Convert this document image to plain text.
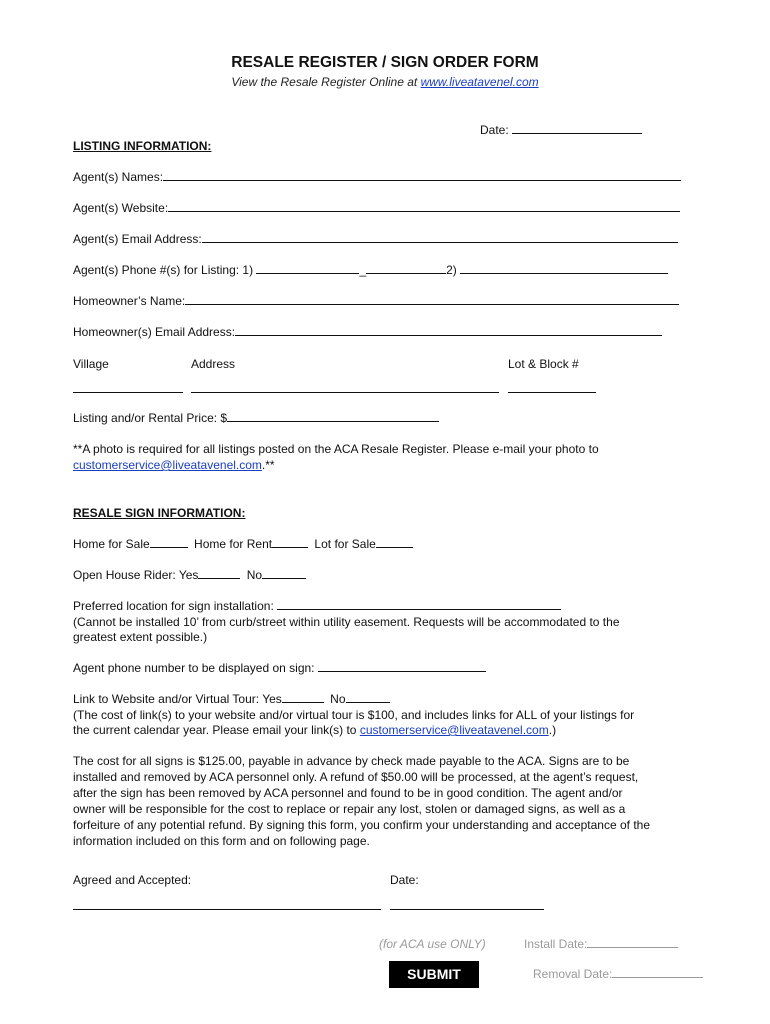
RESALE REGISTER / SIGN ORDER FORM
View the Resale Register Online at www.liveatavenel.com
Date:
LISTING INFORMATION:
Agent(s) Names:
Agent(s) Website:
Agent(s) Email Address:
Agent(s) Phone #(s) for Listing: 1)	_	2)
Homeowner’s Name:
Homeowner(s) Email Address:
Village	Address	Lot & Block #
Listing and/or Rental Price: $
**A photo is required for all listings posted on the ACA Resale Register. Please e-mail your photo to
customerservice@liveatavenel.com.**
RESALE SIGN INFORMATION:
Home for Sale	Home for Rent	Lot for Sale
Open House Rider: Yes	No
Preferred location for sign installation:
(Cannot be installed 10’ from curb/street within utility easement. Requests will be accommodated to the
greatest extent possible.)
Agent phone number to be displayed on sign:
Link to Website and/or Virtual Tour: Yes	No
(The cost of link(s) to your website and/or virtual tour is $100, and includes links for ALL of your listings for
the current calendar year. Please email your link(s) to customerservice@liveatavenel.com.)
The cost for all signs is $125.00, payable in advance by check made payable to the ACA. Signs are to be
installed and removed by ACA personnel only. A refund of $50.00 will be processed, at the agent’s request,
after the sign has been removed by ACA personnel and found to be in good condition. The agent and/or
owner will be responsible for the cost to replace or repair any lost, stolen or damaged signs, as well as a
forfeiture of any potential refund. By signing this form, you confirm your understanding and acceptance of the
information included on this form and on following page.
Agreed and Accepted:	Date:
(for ACA use ONLY)	Install Date:
SUBMIT	Removal Date:
